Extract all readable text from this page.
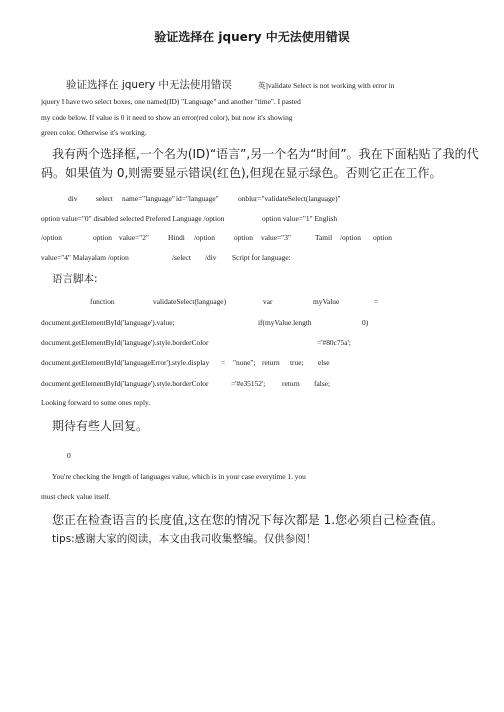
验证选择在 jquery 中无法使用错误
验证选择在 jquery 中无法使用错误	英]validate Select is not working with error in
jquery I have two select boxes, one named(ID) "Language" and another "time". I pasted
my code below. If value is 0 it need to show an error(red color), but now it's showing
green color. Otherwise it's working.
我有两个选择框,一个名为(ID)“语言”,另一个名为“时间”。我在下面粘贴了我的代
码。如果值为 0,则需要显示错误(红色),但现在显示绿色。否则它正在工作。
div	select name="language" id="language"	onblur="validateSelect(language)"
option value="0" disabled selected Prefered Language /option	option value="1" English
/option	option value="2"	Hindi /option	option value="3"	Tamil /option option
value="4" Malayalam /option	/select /div Script for language:
语言脚本:
function	validateSelect(language)	var	myValue	=
document.getElementById('language').value;	if(myValue.length	0)
document.getElementById('language').style.borderColor	='#80c75a';
document.getElementById('languageError').style.display = "none"; return true; else
document.getElementById('language').style.borderColor	='#e35152'; return false;
Looking forward to some ones reply.
期待有些人回复。
0
You're checking the length of languages value, which is in your case everytime 1. you
must check value itself.
您正在检查语言的长度值,这在您的情况下每次都是 1.您必须自己检查值。
tips:感谢大家的阅读，本文由我司收集整编。仅供参阅！
